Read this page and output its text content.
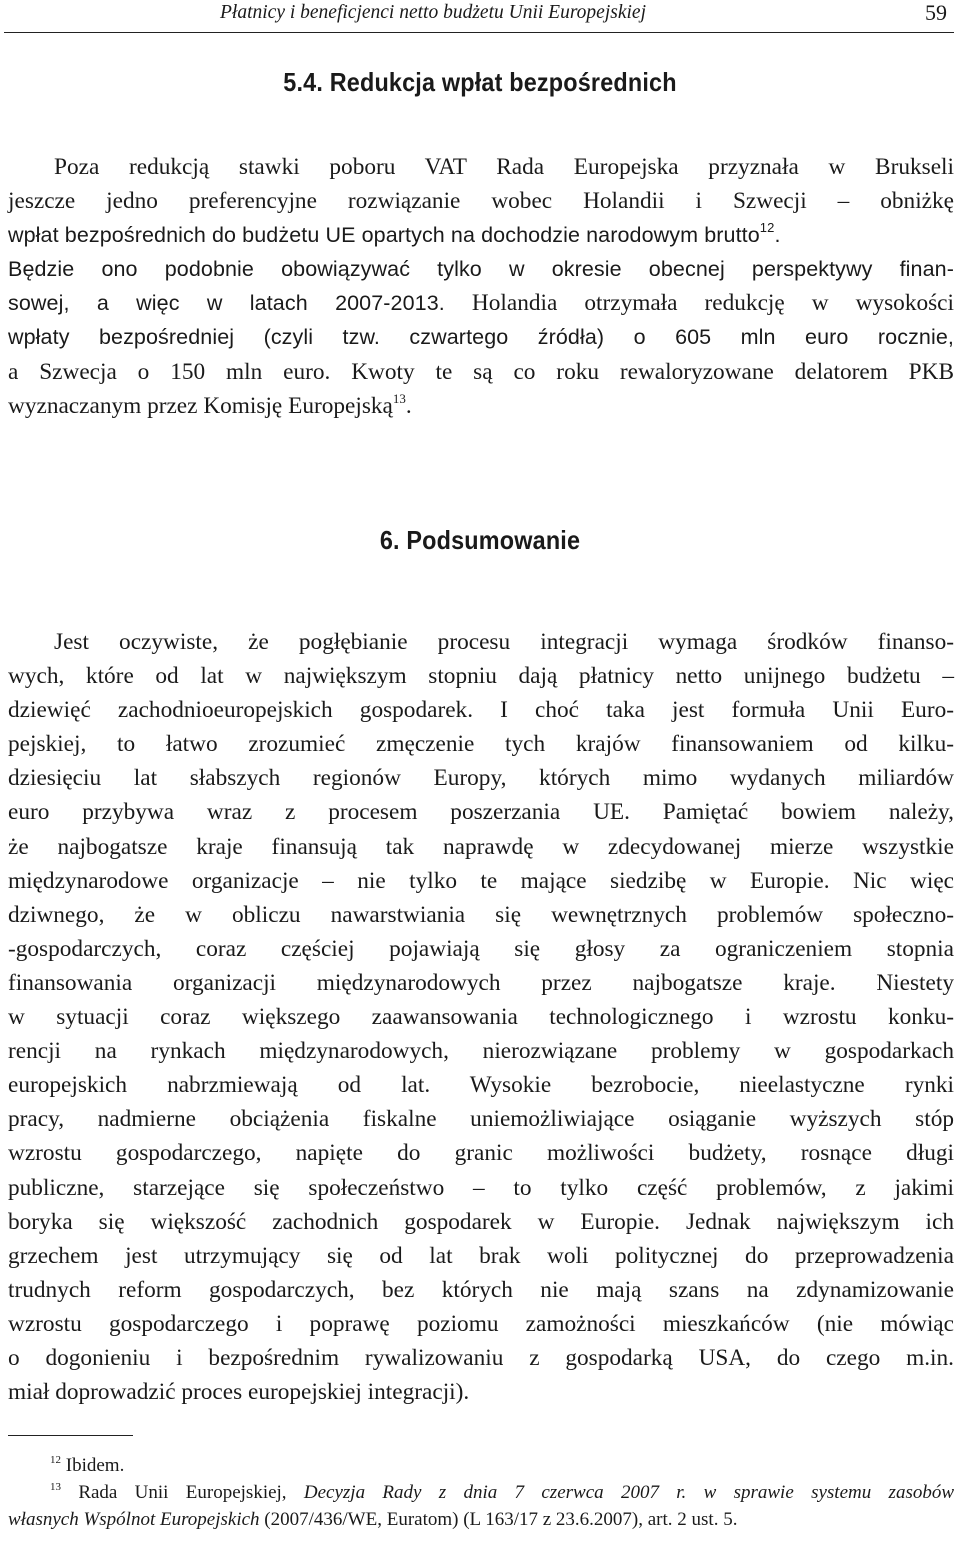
Płatnicy i beneficjenci netto budżetu Unii Europejskiej	59
5.4. Redukcja wpłat bezpośrednich
Poza redukcją stawki poboru VAT Rada Europejska przyznała w Brukseli
jeszcze jedno preferencyjne rozwiązanie wobec Holandii i Szwecji – obniżkę
wpłat bezpośrednich do budżetu UE opartych na dochodzie narodowym brutto$^{12}$.
Będzie ono podobnie obowiązywać tylko w okresie obecnej perspektywy finan-
sowej, a więc w latach 2007-2013. Holandia otrzymała redukcję w wysokości
wpłaty bezpośredniej (czyli tzw. czwartego źródła) o 605 mln euro rocznie,
a Szwecja o 150 mln euro. Kwoty te są co roku rewaloryzowane delatorem PKB
wyznaczanym przez Komisję Europejską$^{13}$.
6. Podsumowanie
Jest oczywiste, że pogłębianie procesu integracji wymaga środków finanso-
wych, które od lat w największym stopniu dają płatnicy netto unijnego budżetu –
dziewięć zachodnioeuropejskich gospodarek. I choć taka jest formuła Unii Euro-
pejskiej, to łatwo zrozumieć zmęczenie tych krajów finansowaniem od kilku-
dziesięciu lat słabszych regionów Europy, których mimo wydanych miliardów
euro przybywa wraz z procesem poszerzania UE. Pamiętać bowiem należy,
że najbogatsze kraje finansują tak naprawdę w zdecydowanej mierze wszystkie
międzynarodowe organizacje – nie tylko te mające siedzibę w Europie. Nic więc
dziwnego, że w obliczu nawarstwiania się wewnętrznych problemów społeczno-
-gospodarczych, coraz częściej pojawiają się głosy za ograniczeniem stopnia
finansowania organizacji międzynarodowych przez najbogatsze kraje. Niestety
w sytuacji coraz większego zaawansowania technologicznego i wzrostu konku-
rencji na rynkach międzynarodowych, nierozwiązane problemy w gospodarkach
europejskich nabrzmiewają od lat. Wysokie bezrobocie, nieelastyczne rynki
pracy, nadmierne obciążenia fiskalne uniemożliwiające osiąganie wyższych stóp
wzrostu gospodarczego, napięte do granic możliwości budżety, rosnące długi
publiczne, starzejące się społeczeństwo – to tylko część problemów, z jakimi
boryka się większość zachodnich gospodarek w Europie. Jednak największym ich
grzechem jest utrzymujący się od lat brak woli politycznej do przeprowadzenia
trudnych reform gospodarczych, bez których nie mają szans na zdynamizowanie
wzrostu gospodarczego i poprawę poziomu zamożności mieszkańców (nie mówiąc
o dogonieniu i bezpośrednim rywalizowaniu z gospodarką USA, do czego m.in.
miał doprowadzić proces europejskiej integracji).
$^{12}$ Ibidem.
$^{13}$ Rada Unii Europejskiej, Decyzja Rady z dnia 7 czerwca 2007 r. w sprawie systemu zasobów
własnych Wspólnot Europejskich (2007/436/WE, Euratom) (L 163/17 z 23.6.2007), art. 2 ust. 5.
